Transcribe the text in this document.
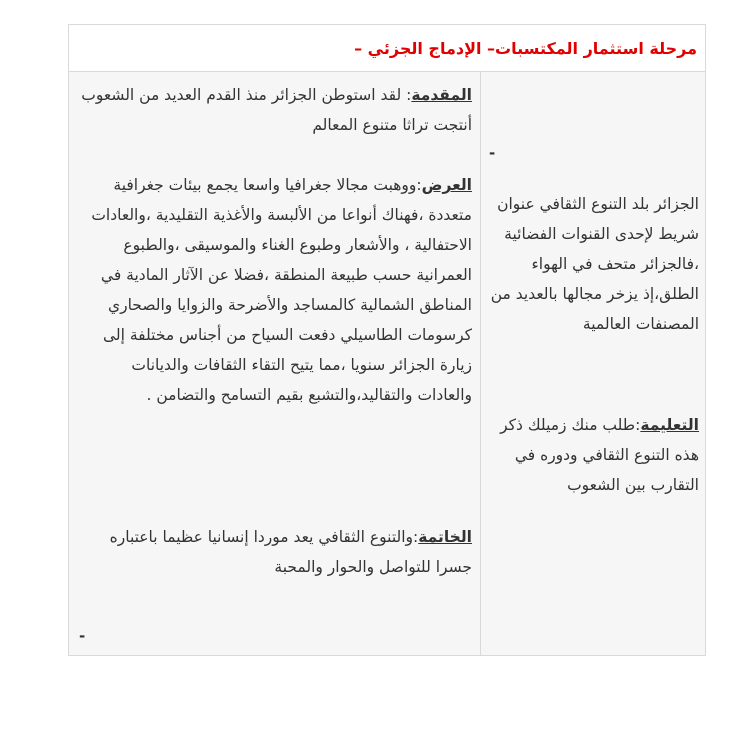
مرحلة استثمار المكتسبات– الإدماج الجزئي –
-

الجزائر بلد التنوع الثقافي عنوان شريط لإحدى القنوات الفضائية ،فالجزائر متحف في الهواء الطلق،إذ يزخر مجالها بالعديد من المصنفات العالمية

التعليمة:طلب منك زميلك ذكر هذه التنوع الثقافي ودوره في التقارب بين الشعوب

المقدمة: لقد استوطن الجزائر منذ القدم العديد من الشعوب أنتجت تراثا متنوع المعالم

العرض:ووهبت مجالا جغرافيا واسعا يجمع بيئات جغرافية متعددة ،فهناك أنواعا من الألبسة والأغذية التقليدية ،والعادات الاحتفالية ، والأشعار وطبوع الغناء والموسيقى ،والطبوع العمرانية حسب طبيعة المنطقة ،فضلا عن الآثار المادية في المناطق الشمالية كالمساجد والأضرحة والزوايا والصحاري كرسومات الطاسيلي دفعت السياح من أجناس مختلفة إلى زيارة الجزائر سنويا ،مما يتيح التقاء الثقافات والديانات والعادات والتقاليد،والتشبع بقيم التسامح والتضامن .

الخاتمة:والتنوع الثقافي يعد موردا إنسانيا عظيما باعتباره جسرا للتواصل والحوار والمحبة

-
